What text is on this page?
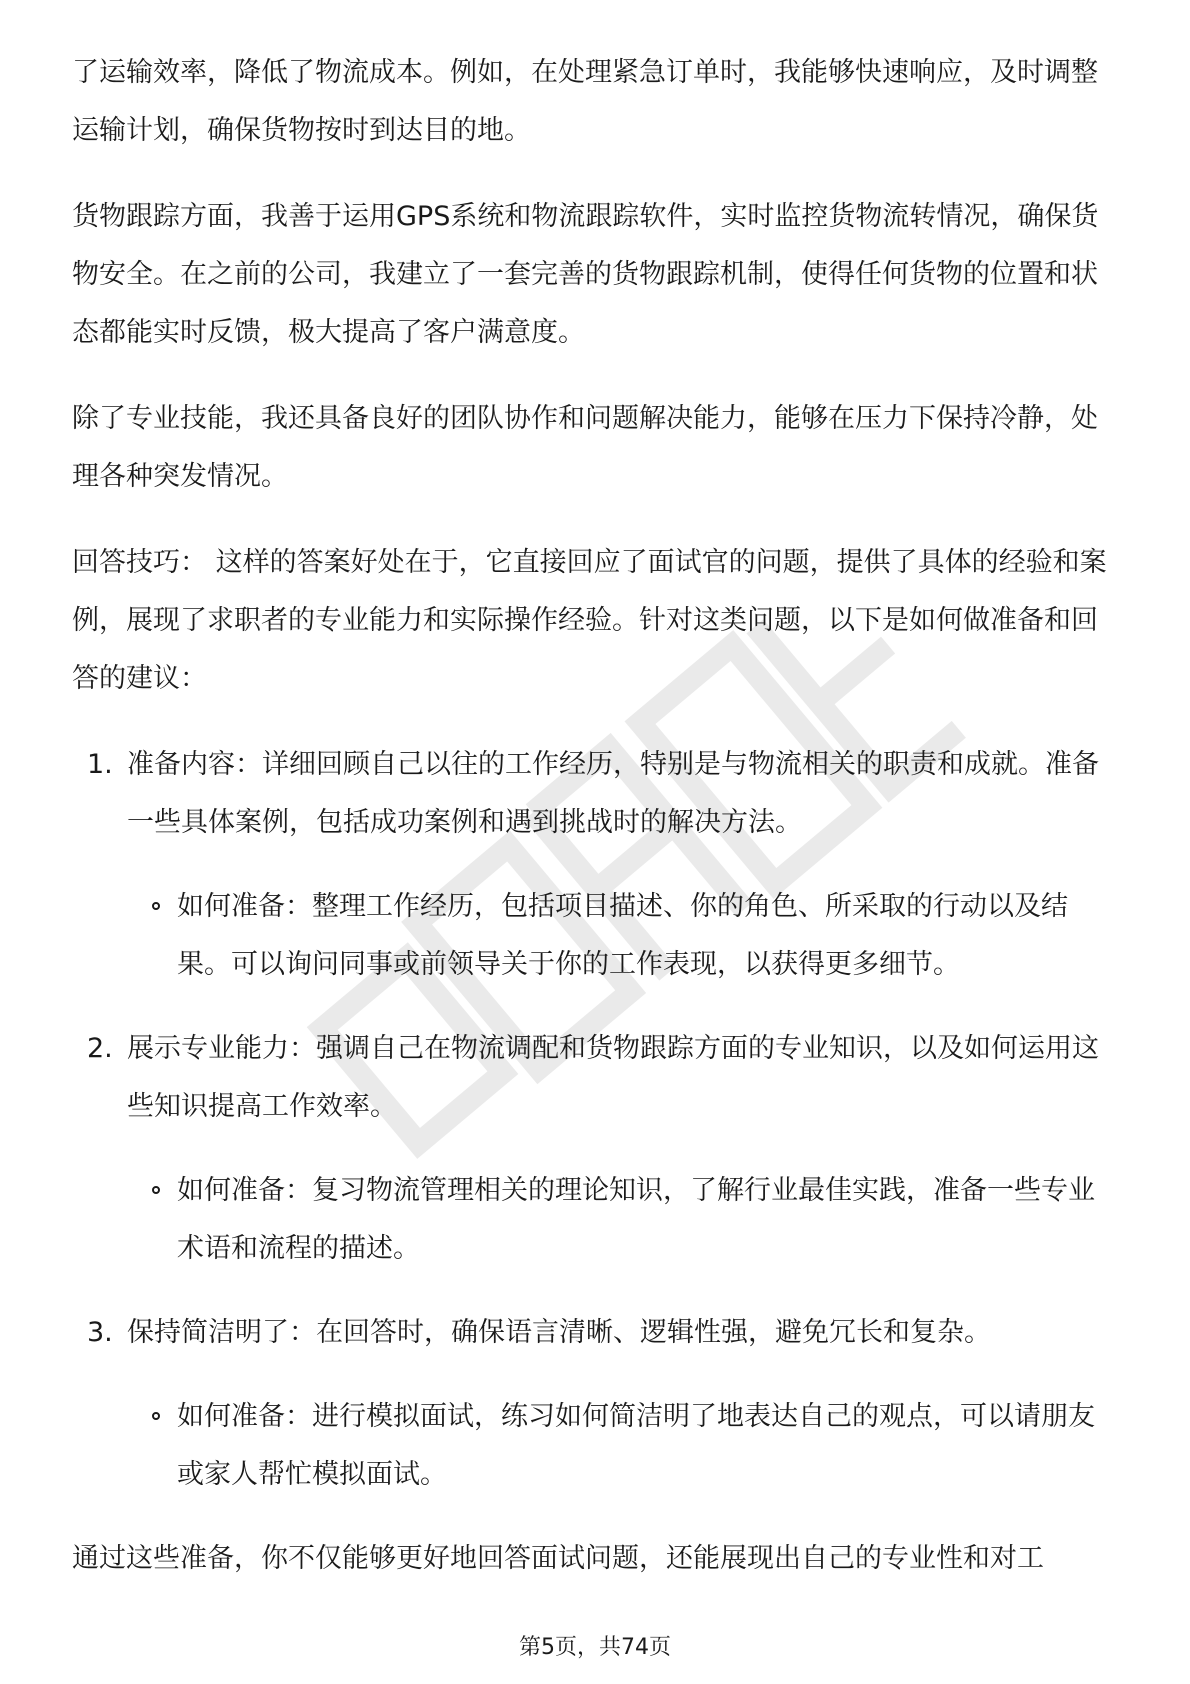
了运输效率，降低了物流成本。例如，在处理紧急订单时，我能够快速响应，及时调整运输计划，确保货物按时到达目的地。

货物跟踪方面，我善于运用GPS系统和物流跟踪软件，实时监控货物流转情况，确保货物安全。在之前的公司，我建立了一套完善的货物跟踪机制，使得任何货物的位置和状态都能实时反馈，极大提高了客户满意度。

除了专业技能，我还具备良好的团队协作和问题解决能力，能够在压力下保持冷静，处理各种突发情况。

回答技巧： 这样的答案好处在于，它直接回应了面试官的问题，提供了具体的经验和案例，展现了求职者的专业能力和实际操作经验。针对这类问题，以下是如何做准备和回答的建议：

1. 准备内容：详细回顾自己以往的工作经历，特别是与物流相关的职责和成就。准备一些具体案例，包括成功案例和遇到挑战时的解决方法。

如何准备：整理工作经历，包括项目描述、你的角色、所采取的行动以及结果。可以询问同事或前领导关于你的工作表现，以获得更多细节。

2. 展示专业能力：强调自己在物流调配和货物跟踪方面的专业知识，以及如何运用这些知识提高工作效率。

如何准备：复习物流管理相关的理论知识，了解行业最佳实践，准备一些专业术语和流程的描述。

3. 保持简洁明了：在回答时，确保语言清晰、逻辑性强，避免冗长和复杂。

如何准备：进行模拟面试，练习如何简洁明了地表达自己的观点，可以请朋友或家人帮忙模拟面试。

通过这些准备，你不仅能够更好地回答面试问题，还能展现出自己的专业性和对工

第5页，共74页
